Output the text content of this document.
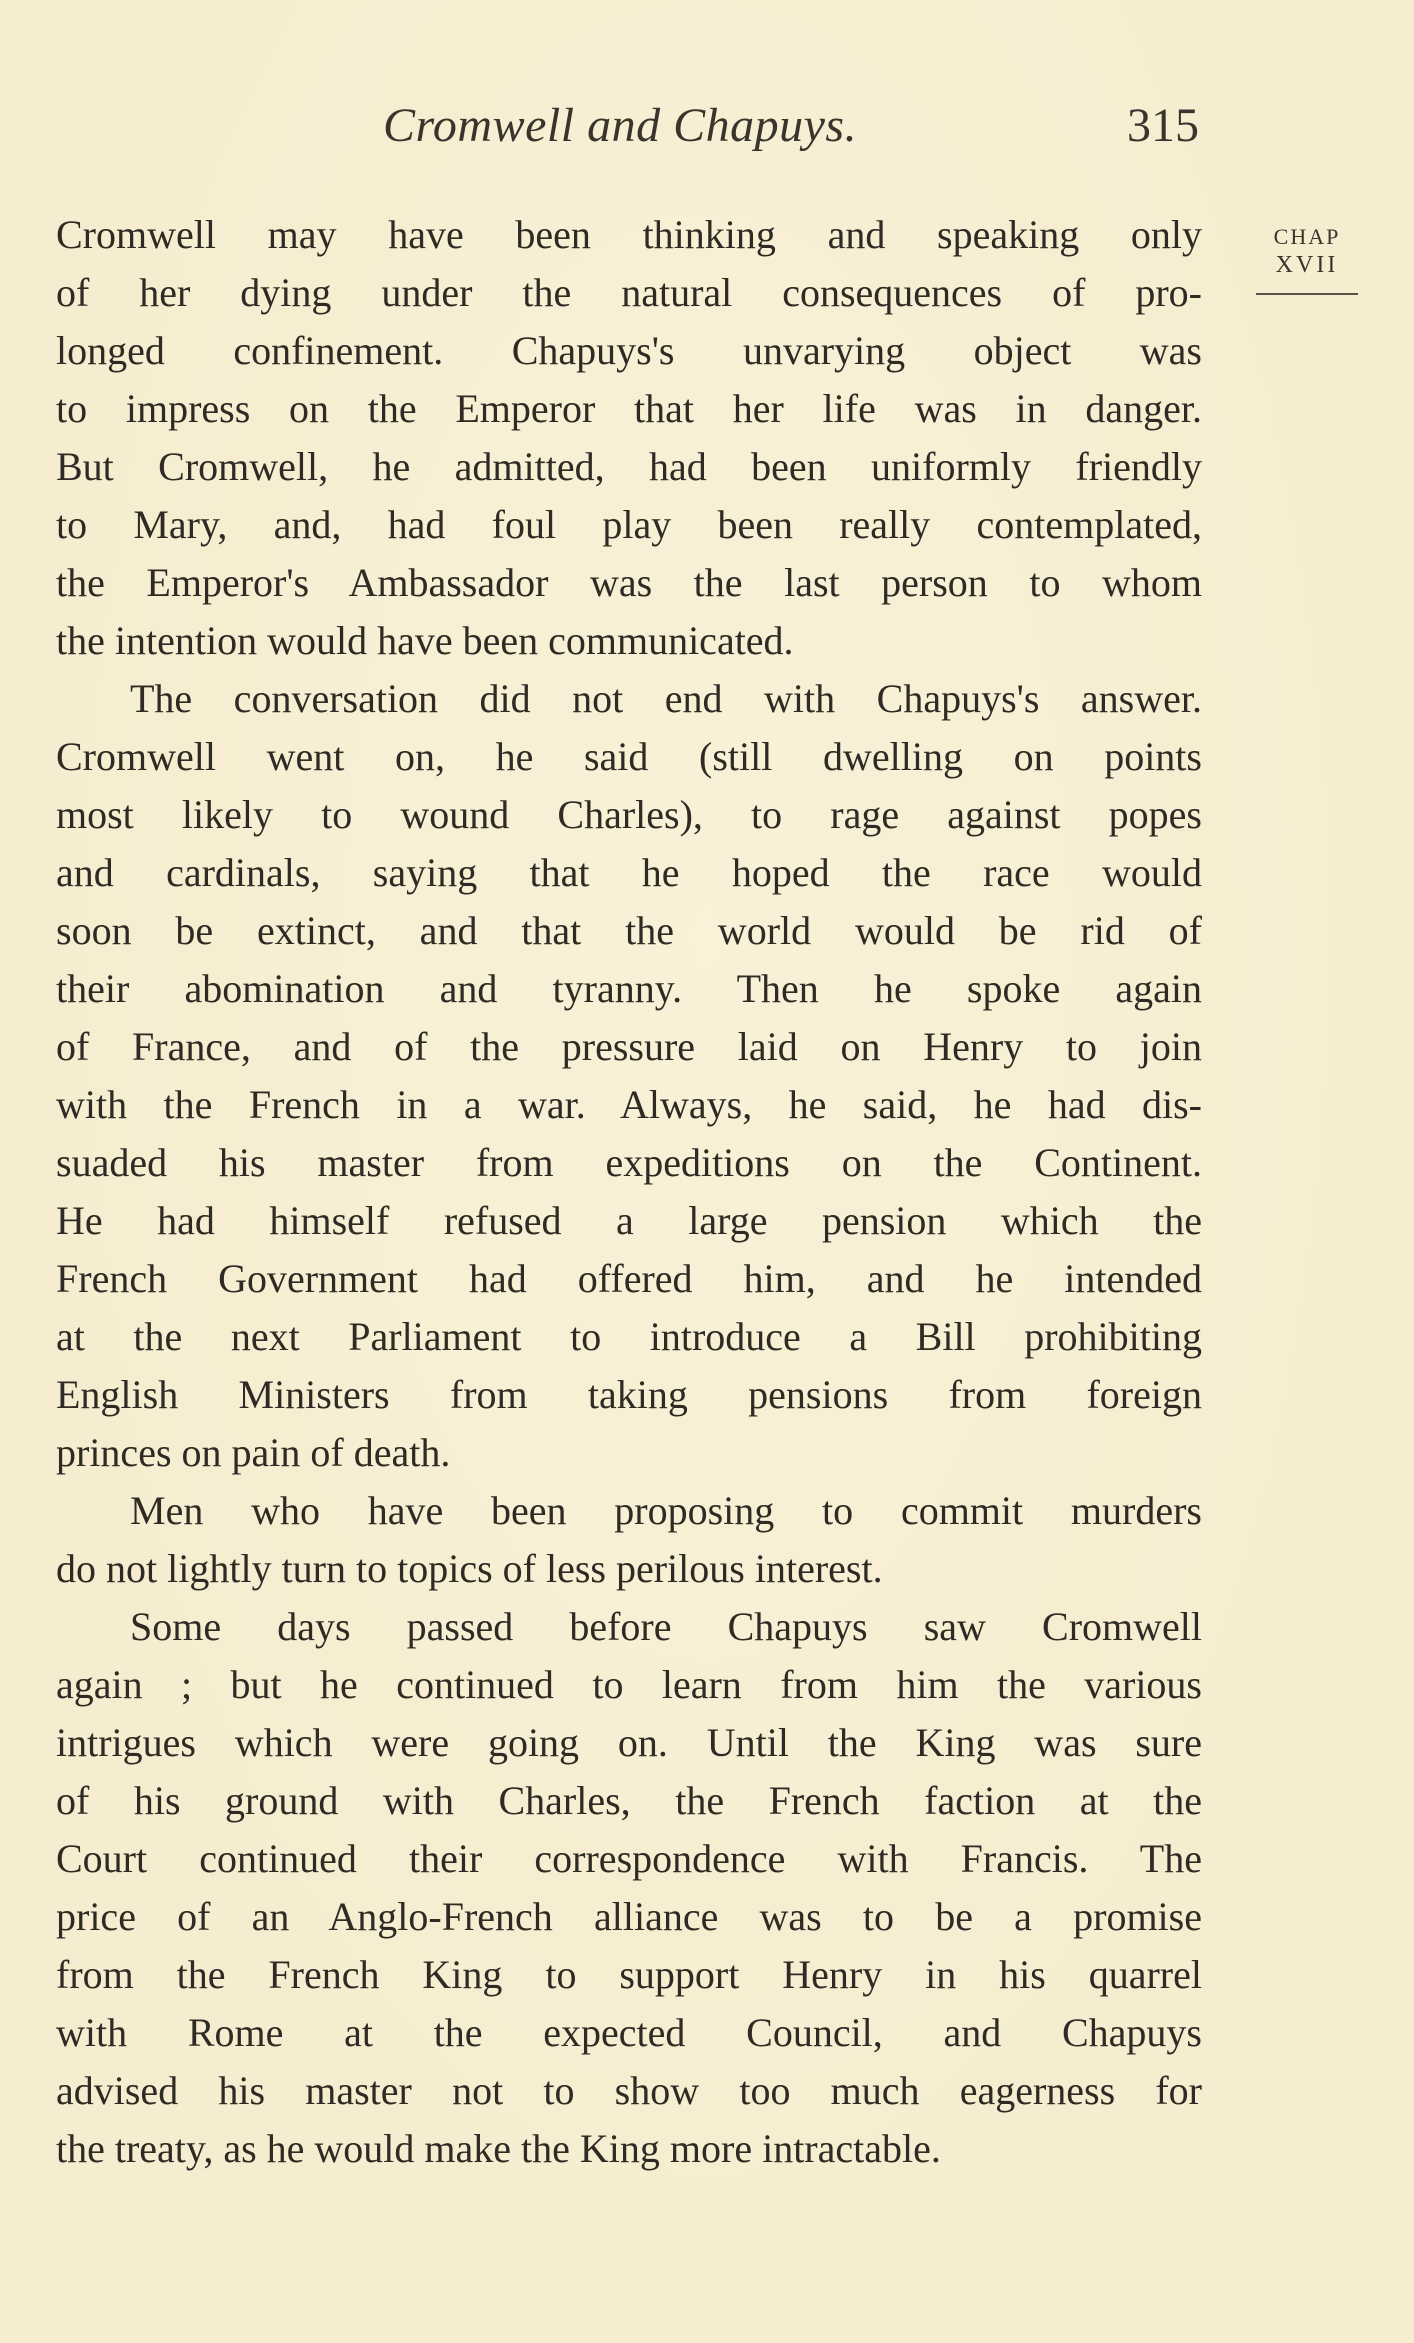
Cromwell and Chapuys.	315
CHAP
XVII
Cromwell may have been thinking and speaking only
of her dying under the natural consequences of pro-
longed confinement. Chapuys's unvarying object was
to impress on the Emperor that her life was in danger.
But Cromwell, he admitted, had been uniformly friendly
to Mary, and, had foul play been really contemplated,
the Emperor's Ambassador was the last person to whom
the intention would have been communicated.
The conversation did not end with Chapuys's answer.
Cromwell went on, he said (still dwelling on points
most likely to wound Charles), to rage against popes
and cardinals, saying that he hoped the race would
soon be extinct, and that the world would be rid of
their abomination and tyranny. Then he spoke again
of France, and of the pressure laid on Henry to join
with the French in a war. Always, he said, he had dis-
suaded his master from expeditions on the Continent.
He had himself refused a large pension which the
French Government had offered him, and he intended
at the next Parliament to introduce a Bill prohibiting
English Ministers from taking pensions from foreign
princes on pain of death.
Men who have been proposing to commit murders
do not lightly turn to topics of less perilous interest.
Some days passed before Chapuys saw Cromwell
again ; but he continued to learn from him the various
intrigues which were going on. Until the King was sure
of his ground with Charles, the French faction at the
Court continued their correspondence with Francis. The
price of an Anglo-French alliance was to be a promise
from the French King to support Henry in his quarrel
with Rome at the expected Council, and Chapuys
advised his master not to show too much eagerness for
the treaty, as he would make the King more intractable.
